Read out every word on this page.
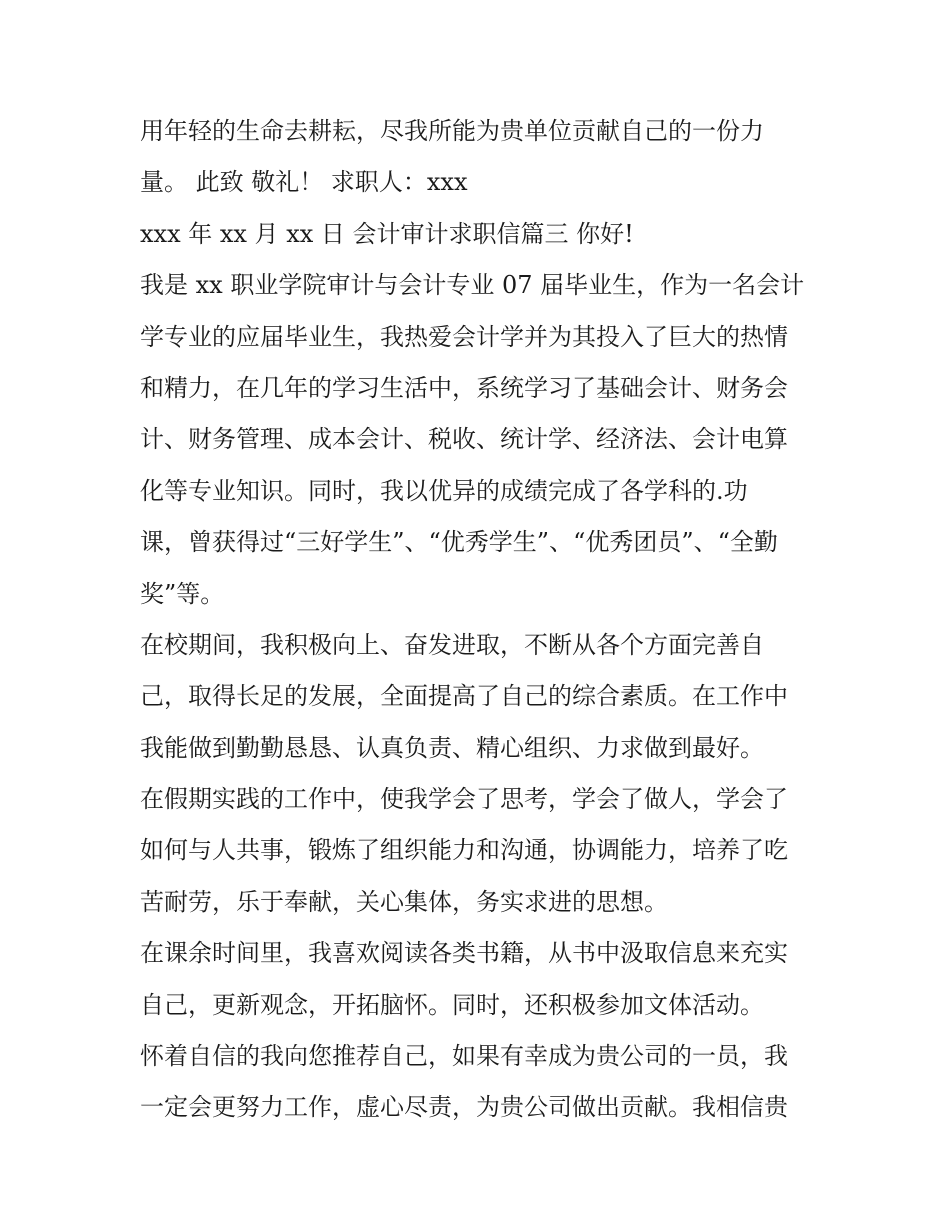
用年轻的生命去耕耘，尽我所能为贵单位贡献自己的一份力
量。 此致 敬礼！ 求职人：xxx
xxx 年 xx 月 xx 日 会计审计求职信篇三 你好!
我是 xx 职业学院审计与会计专业 07 届毕业生，作为一名会计
学专业的应届毕业生，我热爱会计学并为其投入了巨大的热情
和精力，在几年的学习生活中，系统学习了基础会计、财务会
计、财务管理、成本会计、税收、统计学、经济法、会计电算
化等专业知识。同时，我以优异的成绩完成了各学科的.功
课，曾获得过“三好学生”、“优秀学生”、“优秀团员”、“全勤
奖”等。
在校期间，我积极向上、奋发进取，不断从各个方面完善自
己，取得长足的发展，全面提高了自己的综合素质。在工作中
我能做到勤勤恳恳、认真负责、精心组织、力求做到最好。
在假期实践的工作中，使我学会了思考，学会了做人，学会了
如何与人共事，锻炼了组织能力和沟通，协调能力，培养了吃
苦耐劳，乐于奉献，关心集体，务实求进的思想。
在课余时间里，我喜欢阅读各类书籍，从书中汲取信息来充实
自己，更新观念，开拓脑怀。同时，还积极参加文体活动。
怀着自信的我向您推荐自己，如果有幸成为贵公司的一员，我
一定会更努力工作，虚心尽责，为贵公司做出贡献。我相信贵
